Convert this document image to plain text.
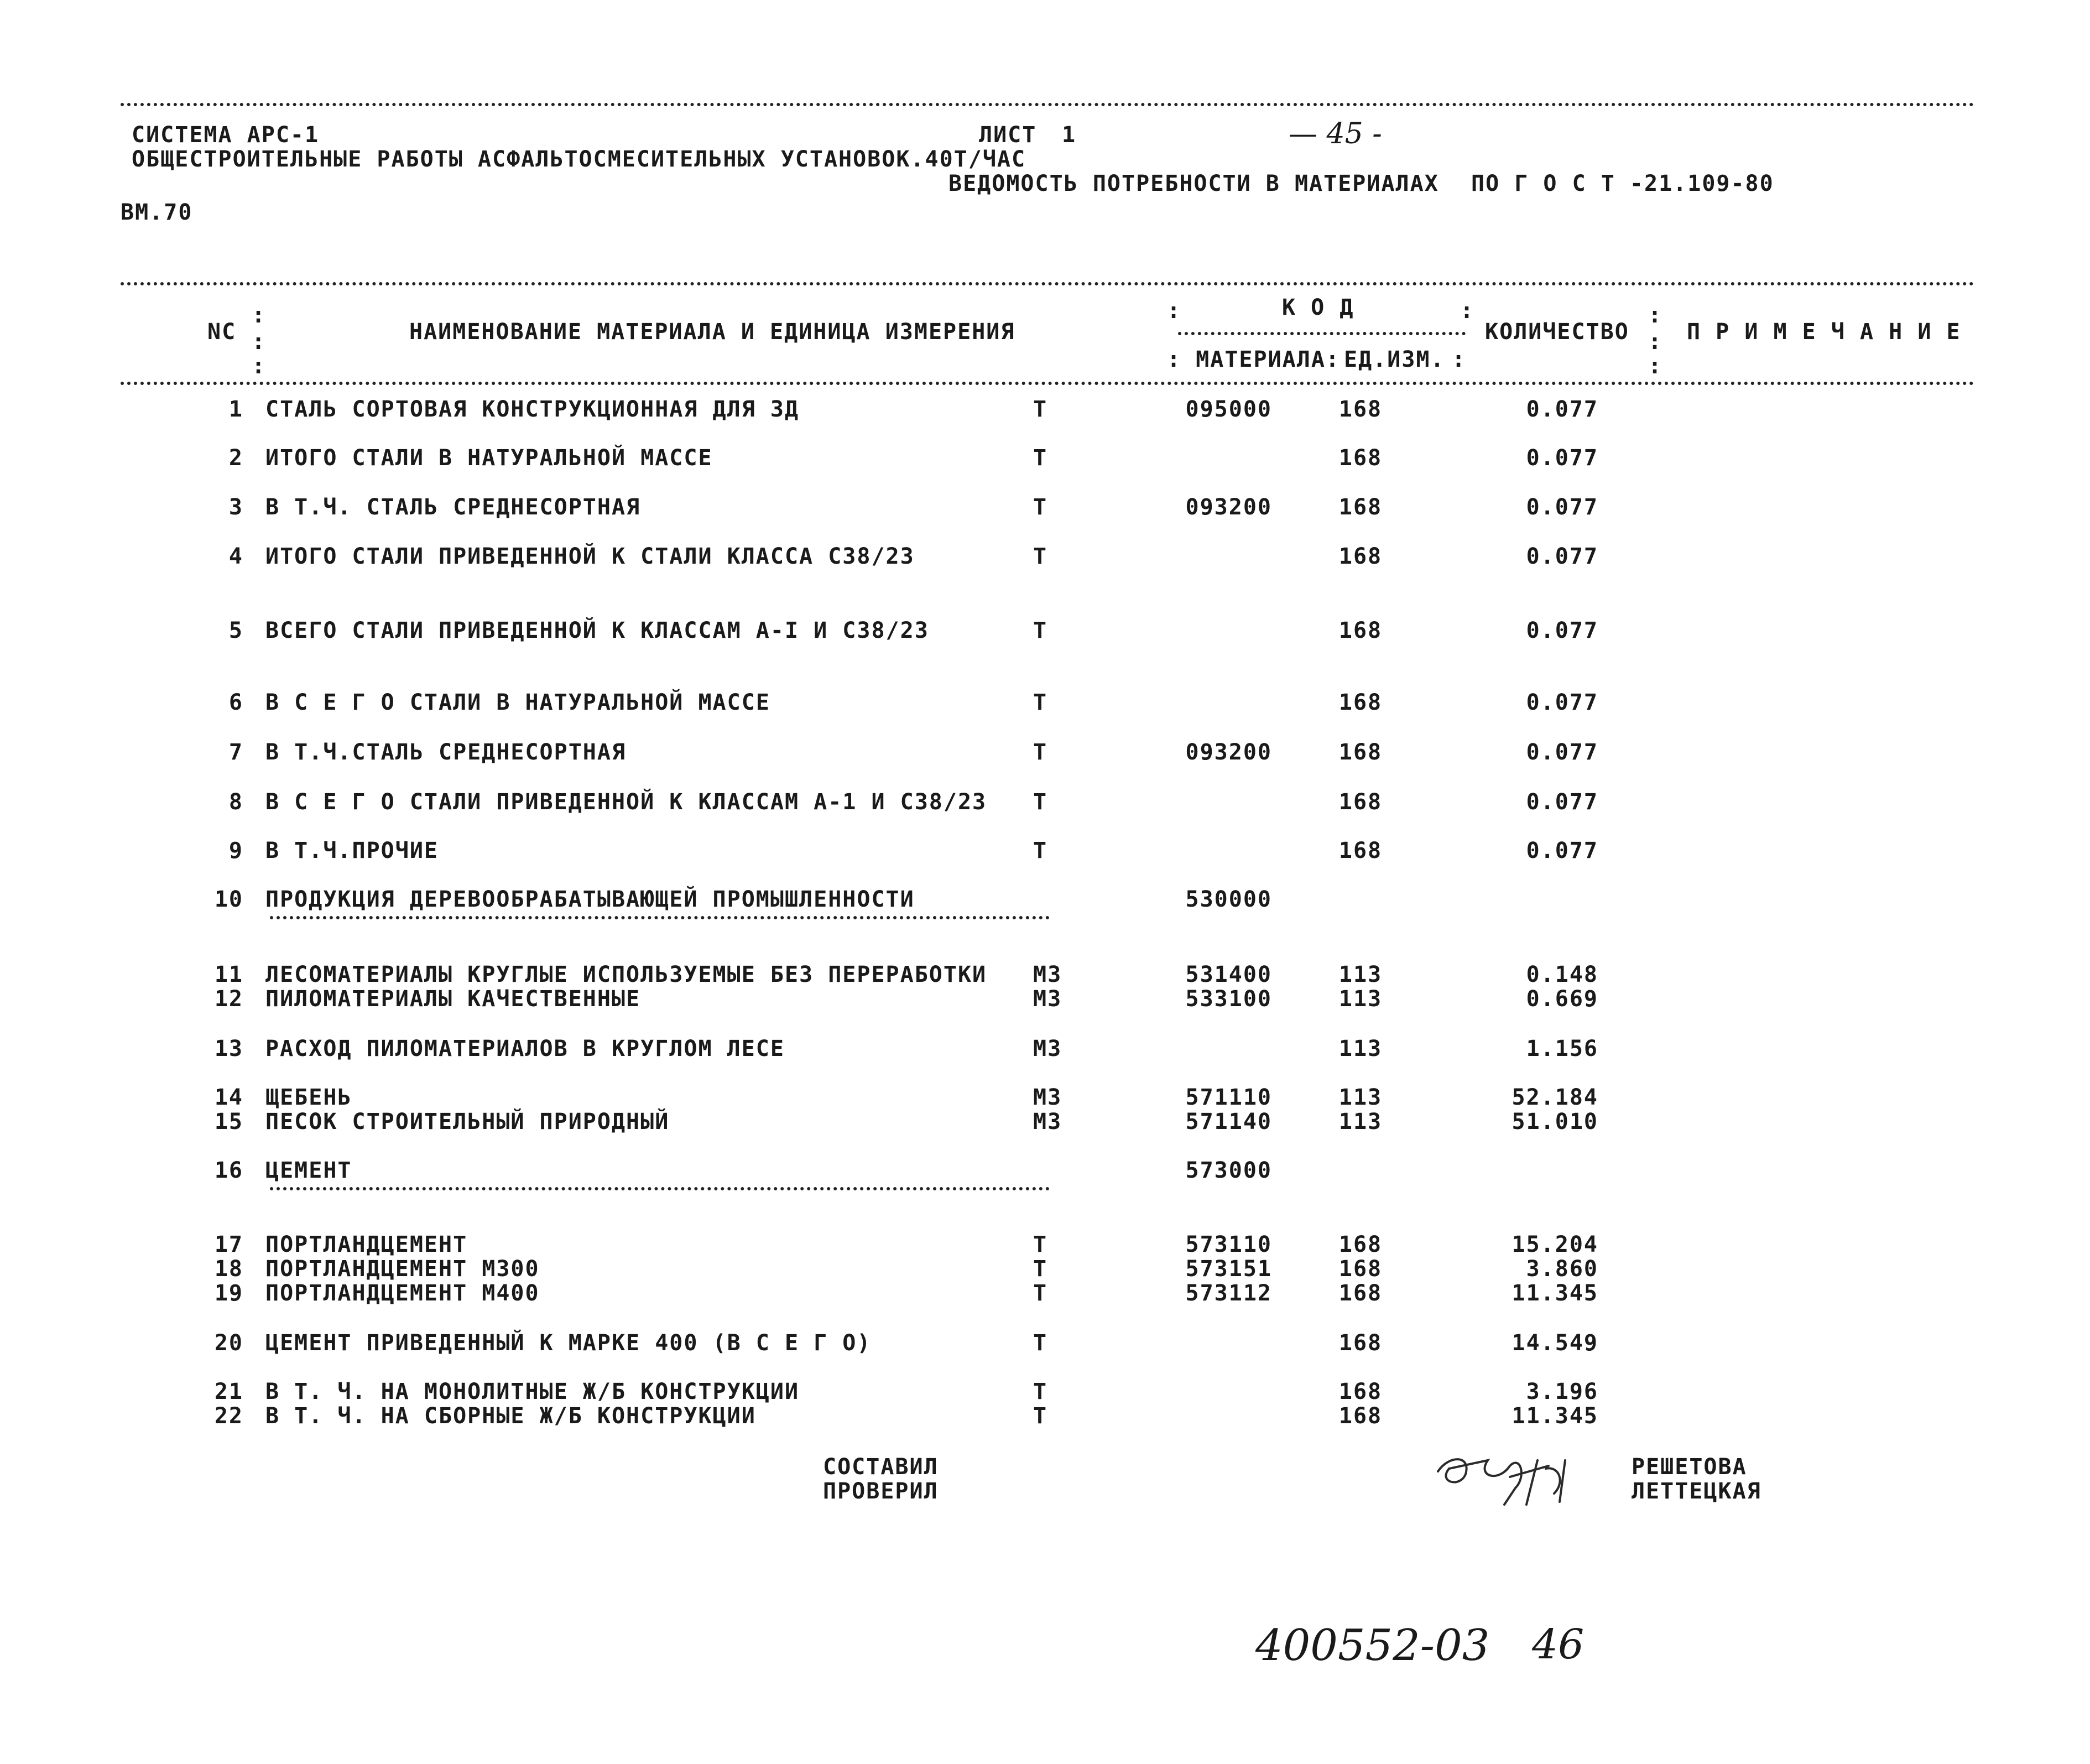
СИСТЕМА АРС-1	ЛИСТ 1	— 45 -
ОБЩЕСТРОИТЕЛЬНЫЕ РАБОТЫ АСФАЛЬТОСМЕСИТЕЛЬНЫХ УСТАНОВОК.40Т/ЧАС
ВЕДОМОСТЬ ПОТРЕБНОСТИ В МАТЕРИАЛАХ ПО Г О С Т -21.109-80
ВМ.70
:
:
:
NC	НАИМЕНОВАНИЕ МАТЕРИАЛА И ЕДИНИЦА ИЗМЕРЕНИЯ
:	К О Д	:
: МАТЕРИАЛА: ЕД.ИЗМ. :
КОЛИЧЕСТВО
:
:
:
П Р И М Е Ч А Н И Е
1 СТАЛЬ СОРТОВАЯ КОНСТРУКЦИОННАЯ ДЛЯ ЗД	Т	095000	168	0.077
2 ИТОГО СТАЛИ В НАТУРАЛЬНОЙ МАССЕ	Т	168	0.077
3 В Т.Ч. СТАЛЬ СРЕДНЕСОРТНАЯ	Т	093200	168	0.077
4 ИТОГО СТАЛИ ПРИВЕДЕННОЙ К СТАЛИ КЛАССА С38/23	Т	168	0.077
5 ВСЕГО СТАЛИ ПРИВЕДЕННОЙ К КЛАССАМ А-I И С38/23	Т	168	0.077
6 В С Е Г О СТАЛИ В НАТУРАЛЬНОЙ МАССЕ	Т	168	0.077
7 В Т.Ч.СТАЛЬ СРЕДНЕСОРТНАЯ	Т	093200	168	0.077
8 В С Е Г О СТАЛИ ПРИВЕДЕННОЙ К КЛАССАМ А-1 И С38/23 Т	168	0.077
9 В Т.Ч.ПРОЧИЕ	Т	168	0.077
10 ПРОДУКЦИЯ ДЕРЕВООБРАБАТЫВАЮЩЕЙ ПРОМЫШЛЕННОСТИ	530000
11 ЛЕСОМАТЕРИАЛЫ КРУГЛЫЕ ИСПОЛЬЗУЕМЫЕ БЕЗ ПЕРЕРАБОТКИ М3	531400	113	0.148
12 ПИЛОМАТЕРИАЛЫ КАЧЕСТВЕННЫЕ	М3	533100	113	0.669
13 РАСХОД ПИЛОМАТЕРИАЛОВ В КРУГЛОМ ЛЕСЕ	М3	113	1.156
14 ЩЕБЕНЬ	М3	571110	113	52.184
15 ПЕСОК СТРОИТЕЛЬНЫЙ ПРИРОДНЫЙ	М3	571140	113	51.010
16 ЦЕМЕНТ	573000
17 ПОРТЛАНДЦЕМЕНТ	Т	573110	168	15.204
18 ПОРТЛАНДЦЕМЕНТ М300	Т	573151	168	3.860
19 ПОРТЛАНДЦЕМЕНТ М400	Т	573112	168	11.345
20 ЦЕМЕНТ ПРИВЕДЕННЫЙ К МАРКЕ 400 (В С Е Г О)	Т	168	14.549
21 В Т. Ч. НА МОНОЛИТНЫЕ Ж/Б КОНСТРУКЦИИ	Т	168	3.196
22 В Т. Ч. НА СБОРНЫЕ Ж/Б КОНСТРУКЦИИ	Т	168	11.345
СОСТАВИЛ
ПРОВЕРИЛ
РЕШЕТОВА
ЛЕТТЕЦКАЯ
400552-03 46
